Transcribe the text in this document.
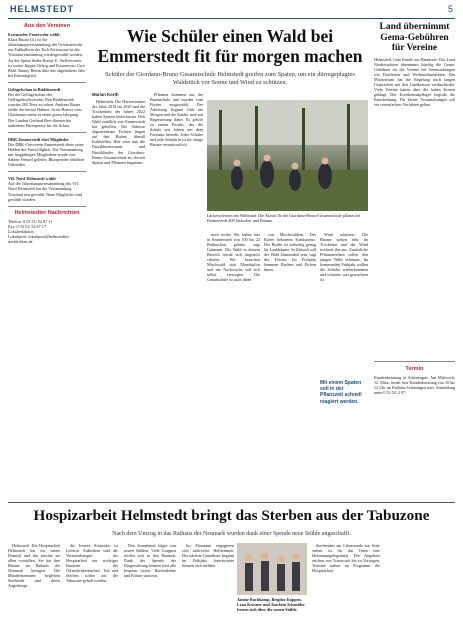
HELMSTEDT	5
Aus den Vereinen
Essenroder Feuerwehr wählt
Klara Bucke (li.) ist die Jahreshauptversammlung des Ortsfeuerwehr zur Fußballerin der Tech Ferienwart ist der Vorstand einstimmig wiedergewählt worden. An der Spitze bleibt Ronny E. Stellvertreter ist weiter Jürgen Oelzig und Kassenwart Uwe Böhl. Ronny Bertin übte das abgehaltene Jahr bei Ratsmitglied.
Gefügelschau in Büddenstedt
Bei der Geflügelschau des Geflügelzuchtvereins Neu Büddenstedt wurden 265 Tiere zu sehen. Andreas Bauer stellte die besten Hühner. Grete Buerer vom Glasbreuer nennt es einen guten Jahrgang. Der Landrat Gerhard Bert überreichte außerdem Ehrenpreise für die Schau.
DRK Emmerstedt ehrt Mitglieder
Der DRK-Ortsverein Emmerstedt ehrte seine Helden der Freiwilligkeit. Die Versammlung mit langjährigen Mitgliedern wurde von Sabine Frenzel geleitet. Blutspender erhielten Urkunden.
VfL Nord Helmstedt wählt
Auf der Jahreshauptversammlung des VfL Nord Helmstedt hat die Versammlung Vorstand neu gewählt. Neue Mitglieder sind gewählt worden.
Helmstedter Nachrichten
Telefon: 0 53 51/ 52 67 11
Fax: 0 53 51/ 52 67 17
Lokalredaktion
Lokalsport: lokalsport@helmstedter-nachrichten.de
Wie Schüler einen Wald bei Emmerstedt fit für morgen machen
Schüler der Giordano-Bruno Gesamtschule Helmstedt greifen zum Spaten, um ein dürregeplagtes Waldstück vor Sonne und Wind zu schützen.
Marian Korth

Helmstedt. Die Dürresommer der Jahre 2018 bis 2020 und die Trockenheit des Jahres 2022 haben Spuren hinterlassen. Den Wald rundlich von Emmerstedt hat geholfen. Die Sükosse abgestorbener Fichten fingen auf den Boden, überall Kahlstellen. Hier setzt nun die Fünftklässlerinnen und Fünftklässler der Giordano-Bruno-Gesamtschule an, die mit Spaten und Pflanzen begannen.

Pflanzen kommen aus der Baumschule und wurden vom Förster ausgewählt. Der Arbeitstag beginnt früh am Morgen und die Kinder sind mit Begeisterung dabei. Es gehört zu einem Projekt, das die Schule seit Jahren mit dem Forstamt betreibt. Jeder Schüler und jede Schülerin ist für einige Bäume verantwortlich.

Läckerschwinn am Waldrand: Die Klasse 5b der Giordano-Bruno-Gesamtschule pflanzt bei Emmerstedt 400 Sträucher und Bäume.

nach rechts. Wir haben hier in Emmerstedt von 100 bis 22 Brühmchen gehabt, sagt Gutmann. Die Wald in diesem Bereich würde sich ungestört erholen. Wir brauchen Mischwald statt Monokultur und der Nachwuchs soll sich selbst versorgen. Die Grundschule ist auch dabei.

von Mischwäldern. Der Kiefer bekommt Konkurrenz. Der Boden ist vielseitig genug für Laubbäume. In Zukunft soll der Wald klimastabil sein, sagt der Förster. Im Frühjahr kommen Buchen und Eichen hinzu.

Wind schützen. Die Bäume stehen sehr im Trockenen und der Wind trocknet ihn aus. Zusätzliche Pflanzenreihen sollen den jungen Wald schützen. Im kommenden Frühjahr wollen die Schüler wiederkommen und schauen, was gewachsen ist.

Mit einem Spaten soll in der Pflanzzeit schnell reagiert werden.
Land übernimmt Gema-Gebühren für Vereine
Helmstedt. Gute Kunde aus Hannover: Das Land Niedersachsen übernimmt künftig die Gema-Gebühren für die Vereine bei Veranstaltungen wie Dorffesten und Weihnachtsmärkten. Das Ministerium hat die Regelung nach langen Gesprächen mit den Landkreisen verabschiedet. Viele Vereine hatten über die hohen Kosten geklagt. Der Kreisheimatpfleger begrüßt die Entscheidung. Für kleine Veranstaltungen soll ein vereinfachtes Verfahren gelten.
Termin
Kundenberatung in Schöningen: Am Mittwoch, 12. März, findet eine Kundenberatung von 10 bis 12 Uhr im Rathaus Schöningen statt. Anmeldung unter 0 53 52/ 2 07.
Hospizarbeit Helmstedt bringt das Sterben aus der Tabuzone
Nach dem Umzug in das Rathaus der Neumark wurden dank einer Spende neue Stühle angeschafft.

Helmstedt. Die Hospizarbeit Helmstedt hat ein neues Domizil und das möchte sie allen vorstellen. Sie hat ihre Räume im Rathaus der Neumark bezogen. Die Mitarbeiterinnen begleiten Sterbende und deren Angehörige.

die Jeseres Schneider ist Leiterin. Außerdem sind die Veranstaltungen der Hospizarbeit ein wichtiger Baustein der Öffentlichkeitsarbeit. Tod und Sterben sollen aus der Tabuzone geholt werden.

Den Sonnabend folgte von neuen Stühlen. Viele Gruppen treffen sich in den Räumen. Dank der Spende der Bürgerstiftung können jetzt alle bequem sitzen. Rückenlehne und Polster sind neu.

Im Ehrenamt engagieren sich zahlreiche Helferinnen. Der nächste Grundkurs beginnt im Frühjahr. Interessierte können sich melden.

Janine Buchkamp, Brigitta Köppen, Lena Krosner und Joachim Schneider freuen sich über die neuen Stühle.

Sterbenden am Lebensende zur Seite stehen ist für das Team eine Herzensangelegenheit. Die Angebote reichen von Trauercafé bis zu Vorträgen. Termine stehen im Programm der Hospizarbeit.
